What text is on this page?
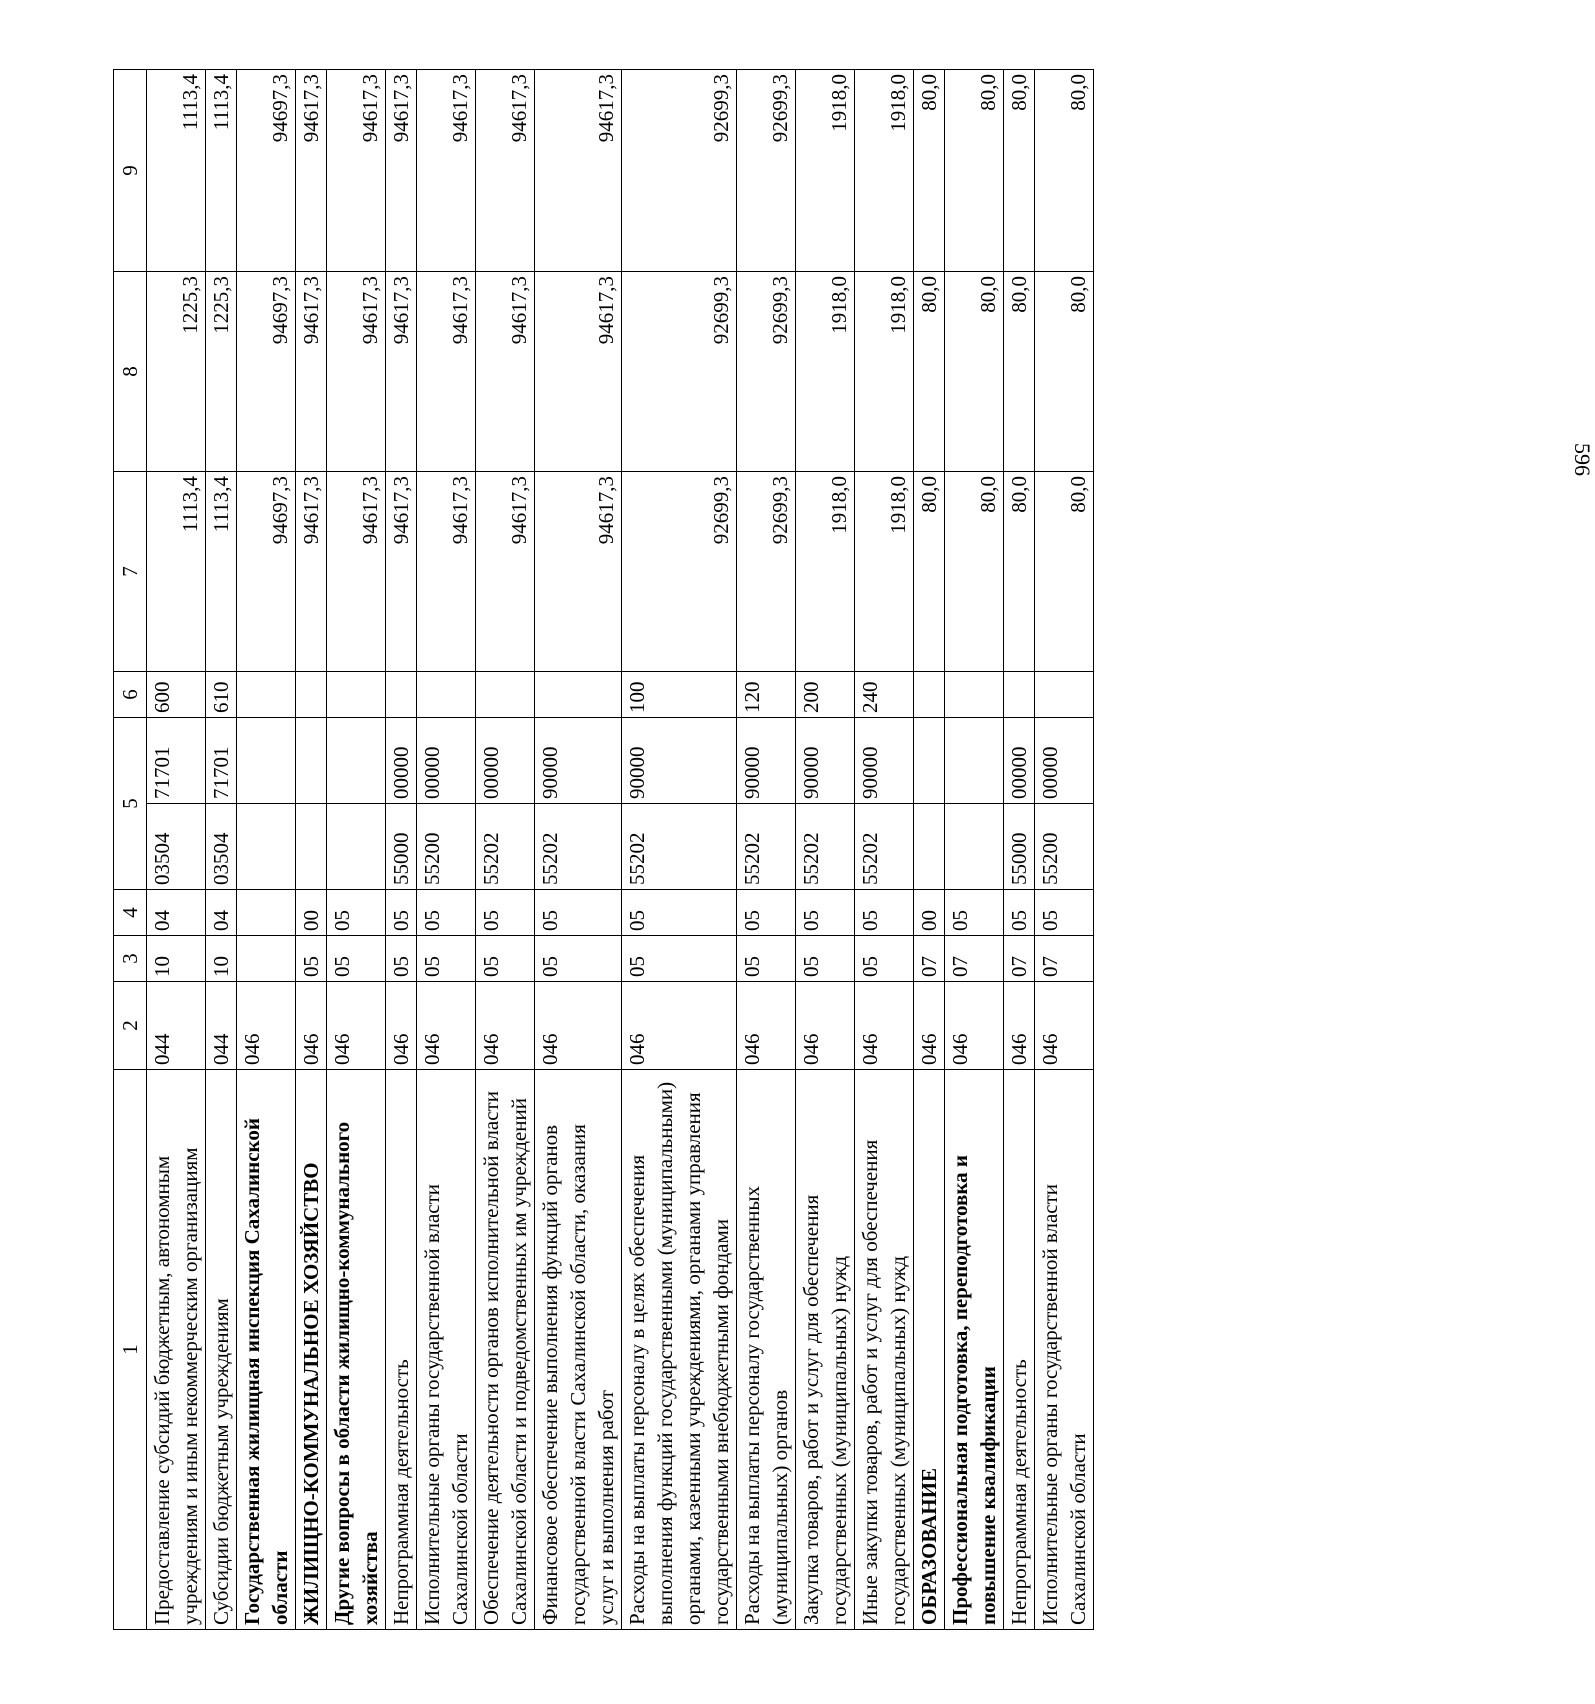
596
1	2	3	4	5		6	7	8	9
Предоставление субсидий бюджетным, автономным учреждениям и иным некоммерческим организациям	044	10	04	03504	71701	600	1113,4	1225,3	1113,4
Субсидии бюджетным учреждениям	044	10	04	03504	71701	610	1113,4	1225,3	1113,4
Государственная жилищная инспекция Сахалинской области	046						94697,3	94697,3	94697,3
ЖИЛИЩНО-КОММУНАЛЬНОЕ ХОЗЯЙСТВО	046	05	00				94617,3	94617,3	94617,3
Другие вопросы в области жилищно-коммунального хозяйства	046	05	05				94617,3	94617,3	94617,3
Непрограммная деятельность	046	05	05	55000	00000		94617,3	94617,3	94617,3
Исполнительные органы государственной власти Сахалинской области	046	05	05	55200	00000		94617,3	94617,3	94617,3
Обеспечение деятельности органов исполнительной власти Сахалинской области и подведомственных им учреждений	046	05	05	55202	00000		94617,3	94617,3	94617,3
Финансовое обеспечение выполнения функций органов государственной власти Сахалинской области, оказания услуг и выполнения работ	046	05	05	55202	90000		94617,3	94617,3	94617,3
Расходы на выплаты персоналу в целях обеспечения выполнения функций государственными (муниципальными) органами, казенными учреждениями, органами управления государственными внебюджетными фондами	046	05	05	55202	90000	100	92699,3	92699,3	92699,3
Расходы на выплаты персоналу государственных (муниципальных) органов	046	05	05	55202	90000	120	92699,3	92699,3	92699,3
Закупка товаров, работ и услуг для обеспечения государственных (муниципальных) нужд	046	05	05	55202	90000	200	1918,0	1918,0	1918,0
Иные закупки товаров, работ и услуг для обеспечения государственных (муниципальных) нужд	046	05	05	55202	90000	240	1918,0	1918,0	1918,0
ОБРАЗОВАНИЕ	046	07	00				80,0	80,0	80,0
Профессиональная подготовка, переподготовка и повышение квалификации	046	07	05				80,0	80,0	80,0
Непрограммная деятельность	046	07	05	55000	00000		80,0	80,0	80,0
Исполнительные органы государственной власти Сахалинской области	046	07	05	55200	00000		80,0	80,0	80,0
